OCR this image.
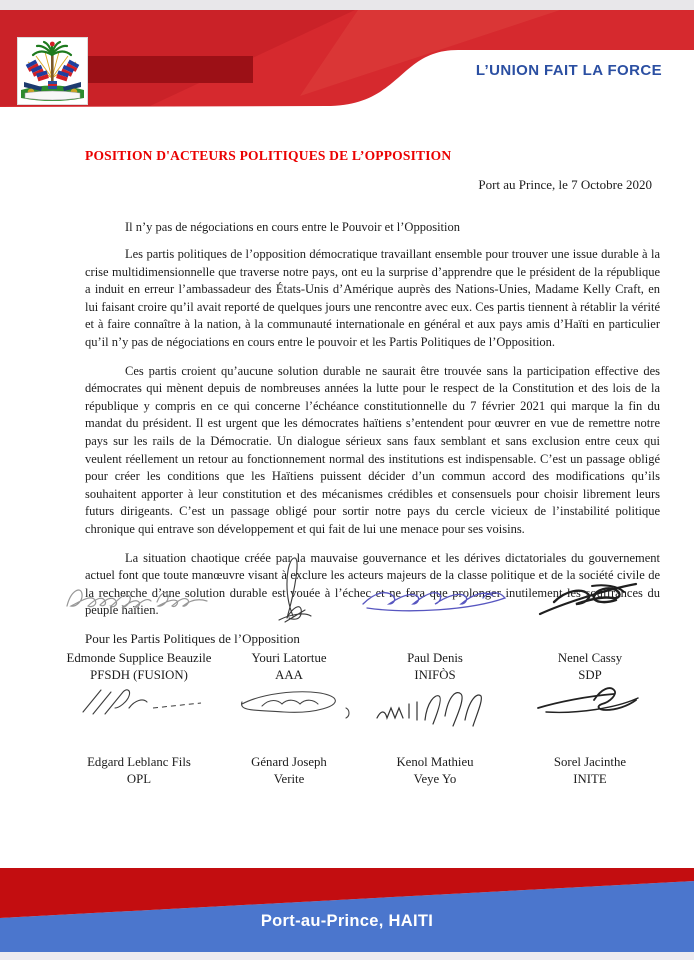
L’UNION FAIT LA FORCE
POSITION D'ACTEURS POLITIQUES DE L’OPPOSITION
Port au Prince, le 7 Octobre 2020
Il n’y pas de négociations en cours entre le Pouvoir et l’Opposition

Les partis politiques de l’opposition démocratique travaillant ensemble pour trouver une issue durable à la crise multidimensionnelle que traverse notre pays, ont eu la surprise d’apprendre que le président de la république a induit en erreur l’ambassadeur des États-Unis d’Amérique auprès des Nations-Unies, Madame Kelly Craft, en lui faisant croire qu’il avait reporté de quelques jours une rencontre avec eux. Ces partis tiennent à rétablir la vérité et à faire connaître à la nation, à la communauté internationale en général et aux pays amis d’Haïti en particulier qu’il n’y pas de négociations en cours entre le pouvoir et les Partis Politiques de l’Opposition.

Ces partis croient qu’aucune solution durable ne saurait être trouvée sans la participation effective des démocrates qui mènent depuis de nombreuses années la lutte pour le respect de la Constitution et des lois de la république y compris en ce qui concerne l’échéance constitutionnelle du 7 février 2021 qui marque la fin du mandat du président. Il est urgent que les démocrates haïtiens s’entendent pour œuvrer en vue de remettre notre pays sur les rails de la Démocratie. Un dialogue sérieux sans faux semblant et sans exclusion entre ceux qui veulent réellement un retour au fonctionnement normal des institutions est indispensable. C’est un passage obligé pour créer les conditions que les Haïtiens puissent décider d’un commun accord des modifications qu’ils souhaitent apporter à leur constitution et des mécanismes crédibles et consensuels pour choisir librement leurs futurs dirigeants. C’est un passage obligé pour sortir notre pays du cercle vicieux de l’instabilité politique chronique qui entrave son développement et qui fait de lui une menace pour ses voisins.

La situation chaotique créée par la mauvaise gouvernance et les dérives dictatoriales du gouvernement actuel font que toute manœuvre visant à exclure les acteurs majeurs de la classe politique et de la société civile de la recherche d’une solution durable est vouée à l’échec et ne fera que prolonger inutilement les souffrances du peuple haïtien.

Pour les Partis Politiques de l’Opposition
Edmonde Supplice Beauzile
PFSDH (FUSION)
Youri Latortue
AAA
Paul Denis
INIFÒS
Nenel Cassy
SDP
Edgard Leblanc Fils
OPL
Génard Joseph
Verite
Kenol Mathieu
Veye Yo
Sorel Jacinthe
INITE
Port-au-Prince, HAITI
